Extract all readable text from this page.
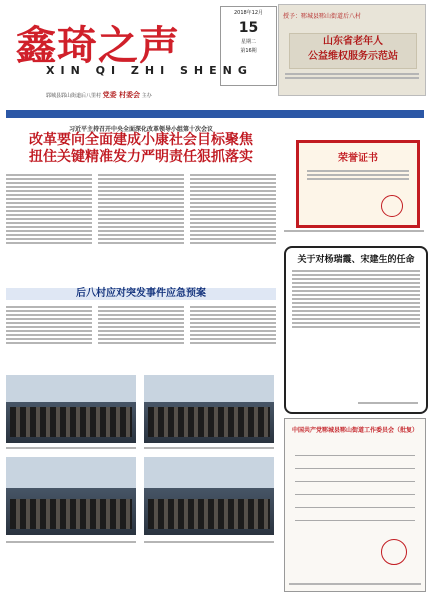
鑫琦之声
XIN QI ZHI SHENG
郓城县郓山街道后八里村 党委 村委会 主办
2018年12月
15
星期二
第16期
授予：郓城县郓山街道后八村
山东省老年人
公益维权服务示范站
习近平主持召开中央全面深化改革领导小组第十次会议
改革要向全面建成小康社会目标聚焦
扭住关键精准发力严明责任狠抓落实
后八村应对突发事件应急预案
荣誉证书
关于对杨瑞霞、宋建生的任命
中国共产党郓城县郓山街道工作委员会（批复）
